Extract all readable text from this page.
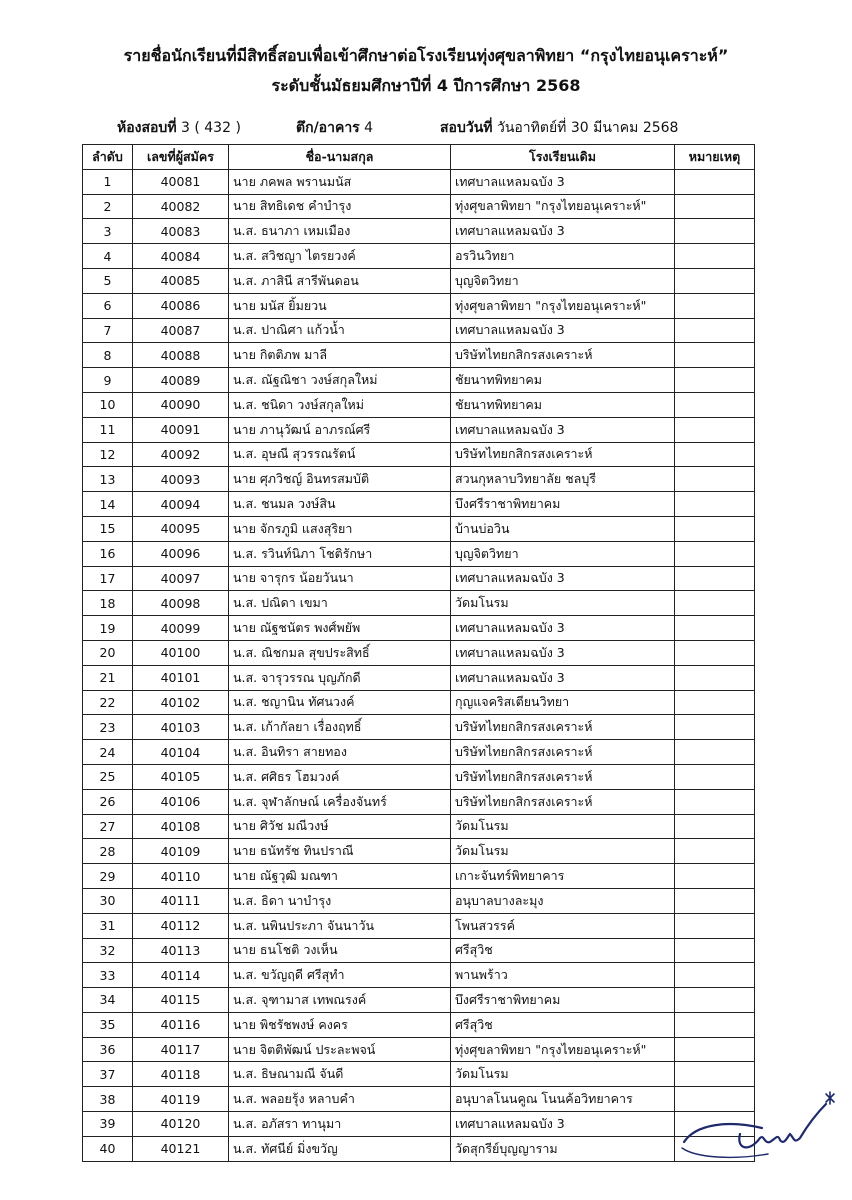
รายชื่อนักเรียนที่มีสิทธิ์สอบเพื่อเข้าศึกษาต่อโรงเรียนทุ่งศุขลาพิทยา “กรุงไทยอนุเคราะห์”
ระดับชั้นมัธยมศึกษาปีที่ 4 ปีการศึกษา 2568
ห้องสอบที่ 3 ( 432 )	ตึก/อาคาร 4	สอบวันที่ วันอาทิตย์ที่ 30 มีนาคม 2568
ลำดับ	เลขที่ผู้สมัคร	ชื่อ-นามสกุล	โรงเรียนเดิม	หมายเหตุ
1	40081	นาย ภคพล พรานมนัส	เทศบาลแหลมฉบัง 3	
2	40082	นาย สิทธิเดช คำบำรุง	ทุ่งศุขลาพิทยา "กรุงไทยอนุเคราะห์"	
3	40083	น.ส. ธนาภา เหมเมือง	เทศบาลแหลมฉบัง 3	
4	40084	น.ส. สวิชญา ไตรยวงค์	อรวินวิทยา	
5	40085	น.ส. ภาสินี สารีพันดอน	บุญจิตวิทยา	
6	40086	นาย มนัส ยิ้มยวน	ทุ่งศุขลาพิทยา "กรุงไทยอนุเคราะห์"	
7	40087	น.ส. ปาณิศา แก้วน้ำ	เทศบาลแหลมฉบัง 3	
8	40088	นาย กิตติภพ มาลี	บริษัทไทยกสิกรสงเคราะห์	
9	40089	น.ส. ณัฐณิชา วงษ์สกุลใหม่	ชัยนาทพิทยาคม	
10	40090	น.ส. ชนิดา วงษ์สกุลใหม่	ชัยนาทพิทยาคม	
11	40091	นาย ภานุวัฒน์ อาภรณ์ศรี	เทศบาลแหลมฉบัง 3	
12	40092	น.ส. อุษณี สุวรรณรัตน์	บริษัทไทยกสิกรสงเคราะห์	
13	40093	นาย ศุภวิชญ์ อินทรสมบัติ	สวนกุหลาบวิทยาลัย ชลบุรี	
14	40094	น.ส. ชนมล วงษ์สิน	บึงศรีราชาพิทยาคม	
15	40095	นาย จักรภูมิ แสงสุริยา	บ้านบ่อวิน	
16	40096	น.ส. รวินท์นิภา โชติรักษา	บุญจิตวิทยา	
17	40097	นาย จารุกร น้อยวันนา	เทศบาลแหลมฉบัง 3	
18	40098	น.ส. ปณิดา เขมา	วัดมโนรม	
19	40099	นาย ณัฐชนัตร พงศ์พยัพ	เทศบาลแหลมฉบัง 3	
20	40100	น.ส. ณิชกมล สุขประสิทธิ์	เทศบาลแหลมฉบัง 3	
21	40101	น.ส. จารุวรรณ บุญภักดี	เทศบาลแหลมฉบัง 3	
22	40102	น.ส. ชญานิน ทัศนวงค์	กุญแจคริสเตียนวิทยา	
23	40103	น.ส. เก้ากัลยา เรื่องฤทธิ์	บริษัทไทยกสิกรสงเคราะห์	
24	40104	น.ส. อินทิรา สายทอง	บริษัทไทยกสิกรสงเคราะห์	
25	40105	น.ส. ศศิธร โฮมวงค์	บริษัทไทยกสิกรสงเคราะห์	
26	40106	น.ส. จุฬาลักษณ์ เครื่องจันทร์	บริษัทไทยกสิกรสงเคราะห์	
27	40108	นาย ศิวัช มณีวงษ์	วัดมโนรม	
28	40109	นาย ธนัทรัช ทินปราณี	วัดมโนรม	
29	40110	นาย ณัฐวุฒิ มณฑา	เกาะจันทร์พิทยาคาร	
30	40111	น.ส. ธิดา นาบำรุง	อนุบาลบางละมุง	
31	40112	น.ส. นพินประภา จันนาวัน	โพนสวรรค์	
32	40113	นาย ธนโชติ วงเห็น	ศรีสุวิช	
33	40114	น.ส. ขวัญฤดี ศรีสุทำ	พานพร้าว	
34	40115	น.ส. จุฑามาส เทพณรงค์	บึงศรีราชาพิทยาคม	
35	40116	นาย พิชรัชพงษ์ คงคร	ศรีสุวิช	
36	40117	นาย จิตติพัฒน์ ประละพจน์	ทุ่งศุขลาพิทยา "กรุงไทยอนุเคราะห์"	
37	40118	น.ส. ธิษณามณี จันดี	วัดมโนรม	
38	40119	น.ส. พลอยรุ้ง หลาบคำ	อนุบาลโนนคูณ โนนค้อวิทยาคาร	
39	40120	น.ส. อภัสรา ทานุมา	เทศบาลแหลมฉบัง 3	
40	40121	น.ส. ทัศนีย์ มิ่งขวัญ	วัดสุกรีย์บุญญาราม	
